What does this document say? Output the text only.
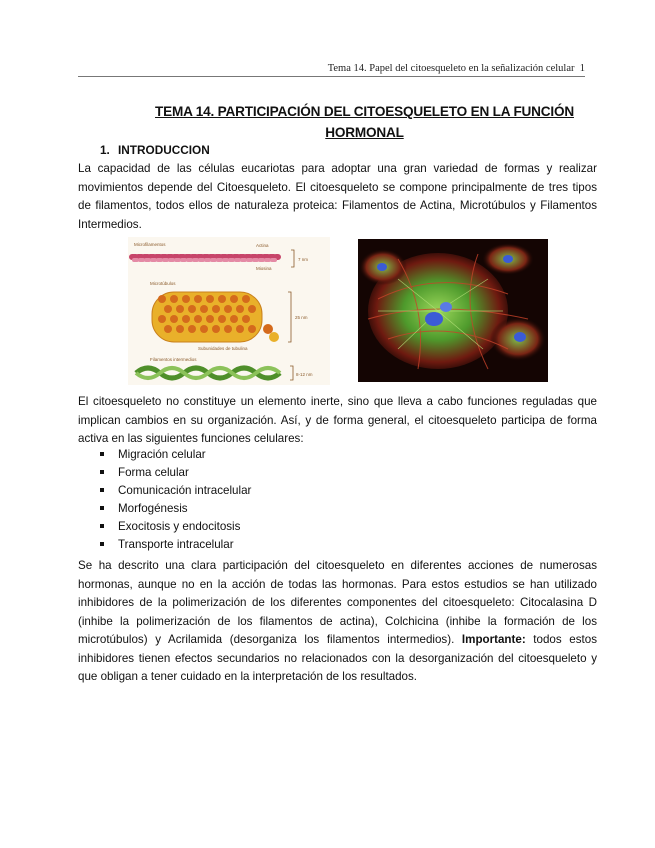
Tema 14. Papel del citoesqueleto en la señalización celular 1
TEMA 14. PARTICIPACIÓN DEL CITOESQUELETO EN LA FUNCIÓN
HORMONAL
1. INTRODUCCION

La capacidad de las células eucariotas para adoptar una gran variedad de formas y realizar movimientos depende del Citoesqueleto. El citoesqueleto se compone principalmente de tres tipos de filamentos, todos ellos de naturaleza proteica: Filamentos de Actina, Microtúbulos y Filamentos Intermedios.

Microfilamentos	Actina
Miosina
7 nm
Microtúbulos
25 nm
Subunidades de tubulina
Filamentos intermedios
8-12 nm

El citoesqueleto no constituye un elemento inerte, sino que lleva a cabo funciones reguladas que implican cambios en su organización. Así, y de forma general, el citoesqueleto participa de forma activa en las siguientes funciones celulares:

Migración celular
Forma celular
Comunicación intracelular
Morfogénesis
Exocitosis y endocitosis
Transporte intracelular

Se ha descrito una clara participación del citoesqueleto en diferentes acciones de numerosas hormonas, aunque no en la acción de todas las hormonas. Para estos estudios se han utilizado inhibidores de la polimerización de los diferentes componentes del citoesqueleto: Citocalasina D (inhibe la polimerización de los filamentos de actina), Colchicina (inhibe la formación de los microtúbulos) y Acrilamida (desorganiza los filamentos intermedios). Importante: todos estos inhibidores tienen efectos secundarios no relacionados con la desorganización del citoesqueleto y que obligan a tener cuidado en la interpretación de los resultados.
